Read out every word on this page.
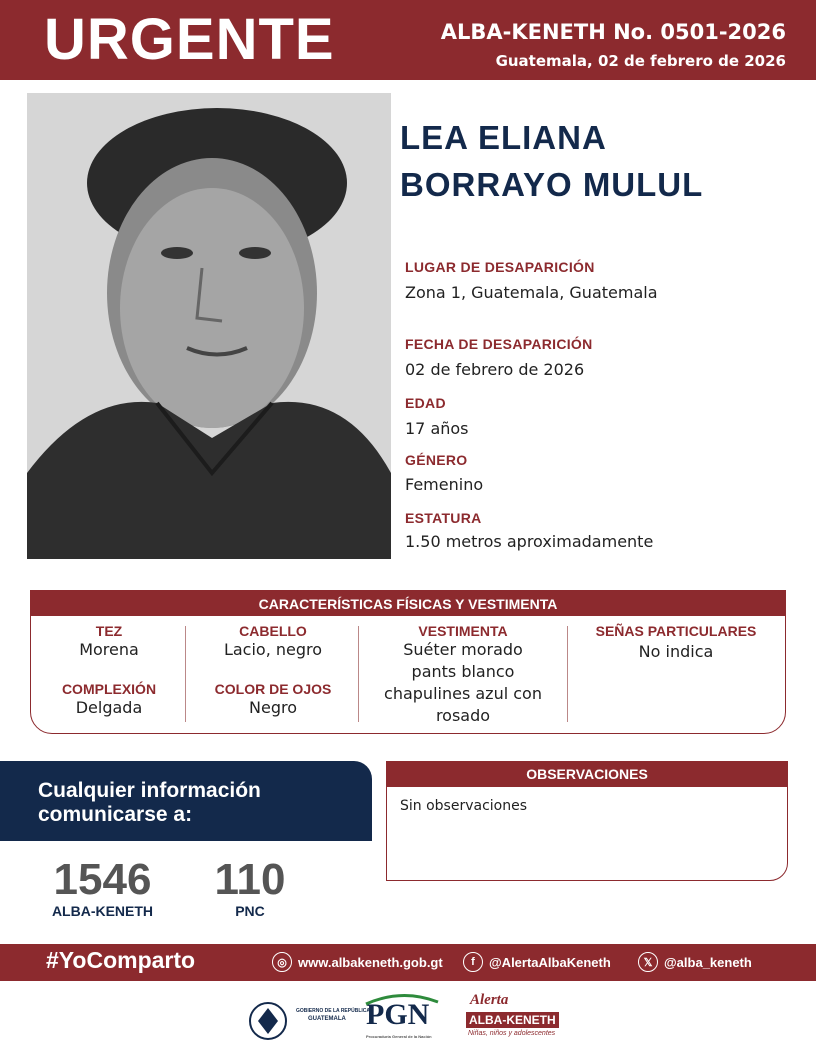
URGENTE	ALBA-KENETH No. 0501-2026
Guatemala, 02 de febrero de 2026
LEA ELIANA
BORRAYO MULUL
LUGAR DE DESAPARICIÓN
Zona 1, Guatemala, Guatemala
FECHA DE DESAPARICIÓN
02 de febrero de 2026
EDAD
17 años
GÉNERO
Femenino
ESTATURA
1.50 metros aproximadamente
CARACTERÍSTICAS FÍSICAS Y VESTIMENTA
TEZ
Morena
COMPLEXIÓN
Delgada
CABELLO
Lacio, negro
COLOR DE OJOS
Negro
VESTIMENTA
Suéter morado
pants blanco
chapulines azul con
rosado
SEÑAS PARTICULARES
No indica
Cualquier información
comunicarse a:
1546
ALBA-KENETH
110
PNC
OBSERVACIONES
Sin observaciones
#YoComparto	◎ www.albakeneth.gob.gt	f	@AlertaAlbaKeneth	𝕏 @alba_keneth
GOBIERNO DE LA REPÚBLICA
GUATEMALA PGN
Procuraduría General de la Nación
Alerta
ALBA-KENETH
Niñas, niños y adolescentes
